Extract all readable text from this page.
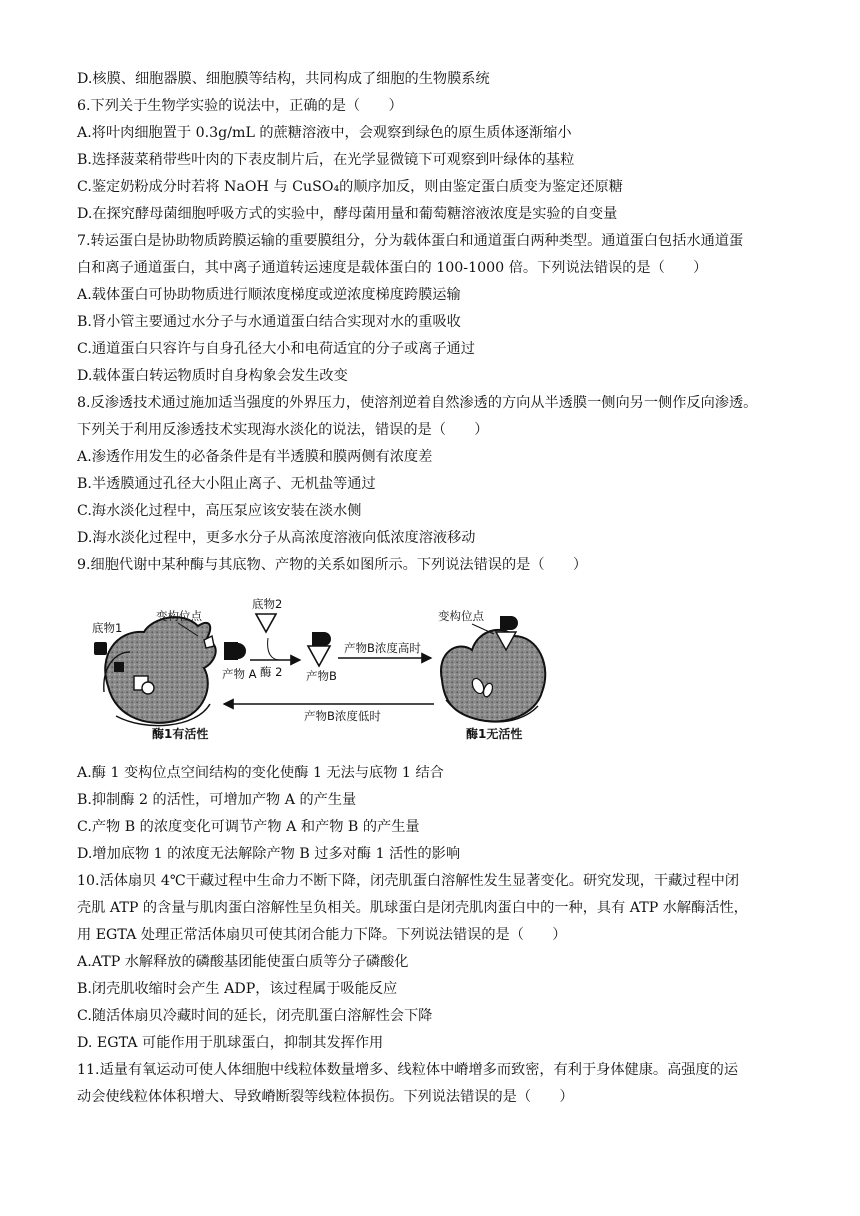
D.核膜、细胞器膜、细胞膜等结构，共同构成了细胞的生物膜系统
6.下列关于生物学实验的说法中，正确的是（　　）
A.将叶肉细胞置于 0.3g/mL 的蔗糖溶液中，会观察到绿色的原生质体逐渐缩小
B.选择菠菜稍带些叶肉的下表皮制片后，在光学显微镜下可观察到叶绿体的基粒
C.鉴定奶粉成分时若将 NaOH 与 CuSO₄的顺序加反，则由鉴定蛋白质变为鉴定还原糖
D.在探究酵母菌细胞呼吸方式的实验中，酵母菌用量和葡萄糖溶液浓度是实验的自变量
7.转运蛋白是协助物质跨膜运输的重要膜组分，分为载体蛋白和通道蛋白两种类型。通道蛋白包括水通道蛋
白和离子通道蛋白，其中离子通道转运速度是载体蛋白的 100-1000 倍。下列说法错误的是（　　）
A.载体蛋白可协助物质进行顺浓度梯度或逆浓度梯度跨膜运输
B.肾小管主要通过水分子与水通道蛋白结合实现对水的重吸收
C.通道蛋白只容许与自身孔径大小和电荷适宜的分子或离子通过
D.载体蛋白转运物质时自身构象会发生改变
8.反渗透技术通过施加适当强度的外界压力，使溶剂逆着自然渗透的方向从半透膜一侧向另一侧作反向渗透。
下列关于利用反渗透技术实现海水淡化的说法，错误的是（　　）
A.渗透作用发生的必备条件是有半透膜和膜两侧有浓度差
B.半透膜通过孔径大小阻止离子、无机盐等通过
C.海水淡化过程中，高压泵应该安装在淡水侧
D.海水淡化过程中，更多水分子从高浓度溶液向低浓度溶液移动
9.细胞代谢中某种酶与其底物、产物的关系如图所示。下列说法错误的是（　　）
底物1
变构位点
酶1有活性
产物 A
底物2
酶 2 产物B
产物B浓度高时
产物B浓度低时
变构位点
酶1无活性
A.酶 1 变构位点空间结构的变化使酶 1 无法与底物 1 结合
B.抑制酶 2 的活性，可增加产物 A 的产生量
C.产物 B 的浓度变化可调节产物 A 和产物 B 的产生量
D.增加底物 1 的浓度无法解除产物 B 过多对酶 1 活性的影响
10.活体扇贝 4℃干藏过程中生命力不断下降，闭壳肌蛋白溶解性发生显著变化。研究发现，干藏过程中闭
壳肌 ATP 的含量与肌肉蛋白溶解性呈负相关。肌球蛋白是闭壳肌肉蛋白中的一种，具有 ATP 水解酶活性，
用 EGTA 处理正常活体扇贝可使其闭合能力下降。下列说法错误的是（　　）
A.ATP 水解释放的磷酸基团能使蛋白质等分子磷酸化
B.闭壳肌收缩时会产生 ADP，该过程属于吸能反应
C.随活体扇贝冷藏时间的延长，闭壳肌蛋白溶解性会下降
D. EGTA 可能作用于肌球蛋白，抑制其发挥作用
11.适量有氧运动可使人体细胞中线粒体数量增多、线粒体中嵴增多而致密，有利于身体健康。高强度的运
动会使线粒体体积增大、导致嵴断裂等线粒体损伤。下列说法错误的是（　　）
